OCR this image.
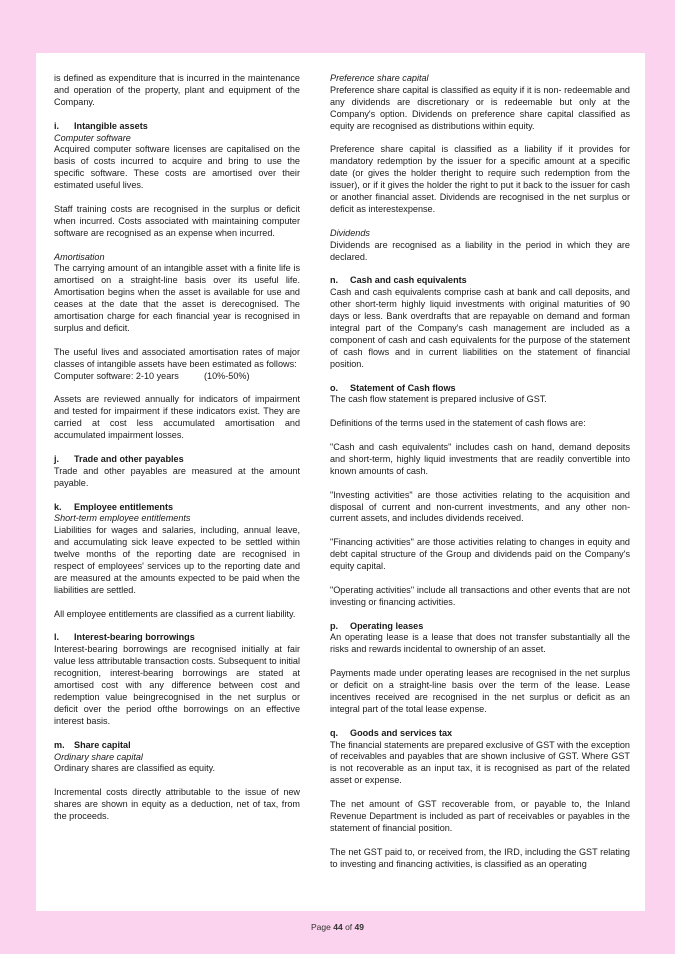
is defined as expenditure that is incurred in the maintenance and operation of the property, plant and equipment of the Company.

i.	Intangible assets

Computer software

Acquired computer software licenses are capitalised on the basis of costs incurred to acquire and bring to use the specific software. These costs are amortised over their estimated useful lives.

Staff training costs are recognised in the surplus or deficit when incurred. Costs associated with maintaining computer software are recognised as an expense when incurred.

Amortisation

The carrying amount of an intangible asset with a finite life is amortised on a straight-line basis over its useful life. Amortisation begins when the asset is available for use and ceases at the date that the asset is derecognised. The amortisation charge for each financial year is recognised in surplus and deficit.

The useful lives and associated amortisation rates of major classes of intangible assets have been estimated as follows:

Computer software: 2-10 years	(10%-50%)

Assets are reviewed annually for indicators of impairment and tested for impairment if these indicators exist. They are carried at cost less accumulated amortisation and accumulated impairment losses.

j.	Trade and other payables

Trade and other payables are measured at the amount payable.

k.	Employee entitlements

Short-term employee entitlements

Liabilities for wages and salaries, including, annual leave, and accumulating sick leave expected to be settled within twelve months of the reporting date are recognised in respect of employees' services up to the reporting date and are measured at the amounts expected to be paid when the liabilities are settled.

All employee entitlements are classified as a current liability.

l.	Interest-bearing borrowings

Interest-bearing borrowings are recognised initially at fair value less attributable transaction costs. Subsequent to initial recognition, interest-bearing borrowings are stated at amortised cost with any difference between cost and redemption value beingrecognised in the net surplus or deficit over the period ofthe borrowings on an effective interest basis.

m.	Share capital

Ordinary share capital

Ordinary shares are classified as equity.

Incremental costs directly attributable to the issue of new shares are shown in equity as a deduction, net of tax, from the proceeds.

Preference share capital

Preference share capital is classified as equity if it is non- redeemable and any dividends are discretionary or is redeemable but only at the Company's option. Dividends on preference share capital classified as equity are recognised as distributions within equity.

Preference share capital is classified as a liability if it provides for mandatory redemption by the issuer for a specific amount at a specific date (or gives the holder theright to require such redemption from the issuer), or if it gives the holder the right to put it back to the issuer for cash or another financial asset. Dividends are recognised in the net surplus or deficit as interestexpense.

Dividends

Dividends are recognised as a liability in the period in which they are declared.

n.	Cash and cash equivalents

Cash and cash equivalents comprise cash at bank and call deposits, and other short-term highly liquid investments with original maturities of 90 days or less. Bank overdrafts that are repayable on demand and forman integral part of the Company's cash management are included as a component of cash and cash equivalents for the purpose of the statement of cash flows and in current liabilities on the statement of financial position.

o.	Statement of Cash flows

The cash flow statement is prepared inclusive of GST.

Definitions of the terms used in the statement of cash flows are:

"Cash and cash equivalents" includes cash on hand, demand deposits and short-term, highly liquid investments that are readily convertible into known amounts of cash.

"Investing activities" are those activities relating to the acquisition and disposal of current and non-current investments, and any other non-current assets, and includes dividends received.

"Financing activities" are those activities relating to changes in equity and debt capital structure of the Group and dividends paid on the Company's equity capital.

"Operating activities" include all transactions and other events that are not investing or financing activities.

p.	Operating leases

An operating lease is a lease that does not transfer substantially all the risks and rewards incidental to ownership of an asset.

Payments made under operating leases are recognised in the net surplus or deficit on a straight-line basis over the term of the lease. Lease incentives received are recognised in the net surplus or deficit as an integral part of the total lease expense.

q.	Goods and services tax

The financial statements are prepared exclusive of GST with the exception of receivables and payables that are shown inclusive of GST. Where GST is not recoverable as an input tax, it is recognised as part of the related asset or expense.

The net amount of GST recoverable from, or payable to, the Inland Revenue Department is included as part of receivables or payables in the statement of financial position.

The net GST paid to, or received from, the IRD, including the GST relating to investing and financing activities, is classified as an operating

Page 44 of 49
